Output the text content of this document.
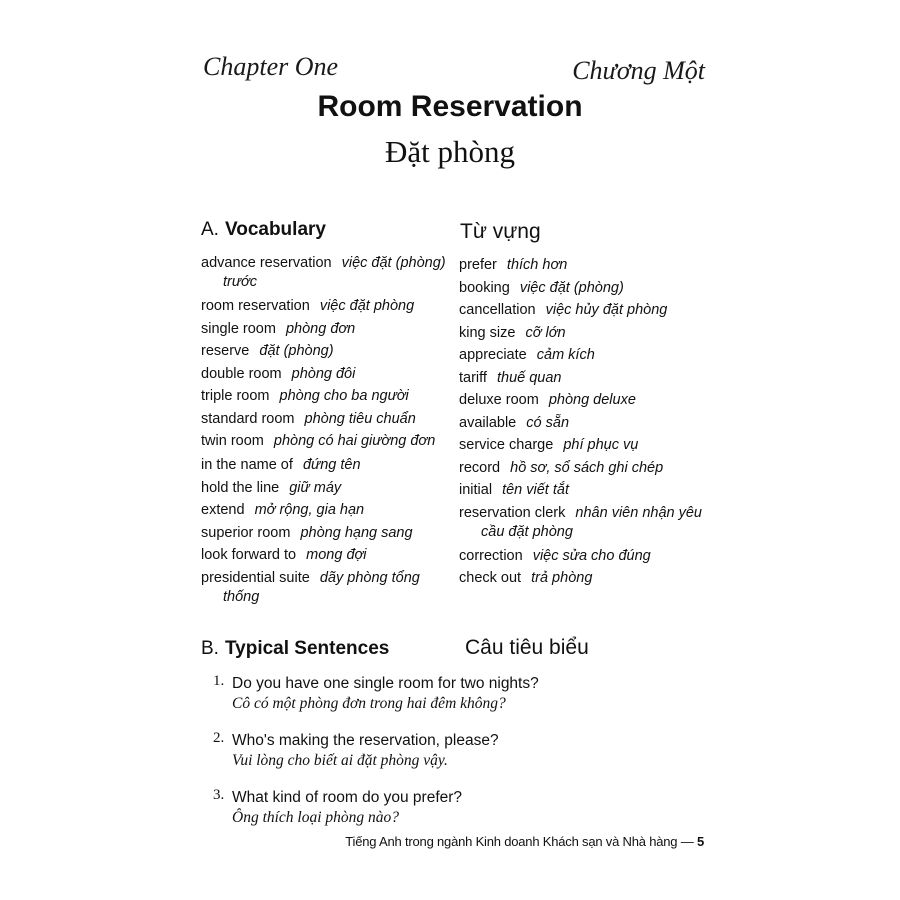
Chapter One	Chương Một
Room Reservation
Đặt phòng
A. Vocabulary	Từ vựng
advance reservation việc đặt (phòng) trước
room reservation việc đặt phòng
single room phòng đơn
reserve đặt (phòng)
double room phòng đôi
triple room phòng cho ba người
standard room phòng tiêu chuẩn
twin room phòng có hai giường đơn
in the name of đứng tên
hold the line giữ máy
extend mở rộng, gia hạn
superior room phòng hạng sang
look forward to mong đợi
presidential suite dãy phòng tổng thống
prefer thích hơn
booking việc đặt (phòng)
cancellation việc hủy đặt phòng
king size cỡ lớn
appreciate cảm kích
tariff thuế quan
deluxe room phòng deluxe
available có sẵn
service charge phí phục vụ
record hồ sơ, sổ sách ghi chép
initial tên viết tắt
reservation clerk nhân viên nhận yêu cầu đặt phòng
correction việc sửa cho đúng
check out trả phòng
B. Typical Sentences	Câu tiêu biểu
1. Do you have one single room for two nights?
Cô có một phòng đơn trong hai đêm không?
2. Who's making the reservation, please?
Vui lòng cho biết ai đặt phòng vậy.
3. What kind of room do you prefer?
Ông thích loại phòng nào?
Tiếng Anh trong ngành Kinh doanh Khách sạn và Nhà hàng — 5
